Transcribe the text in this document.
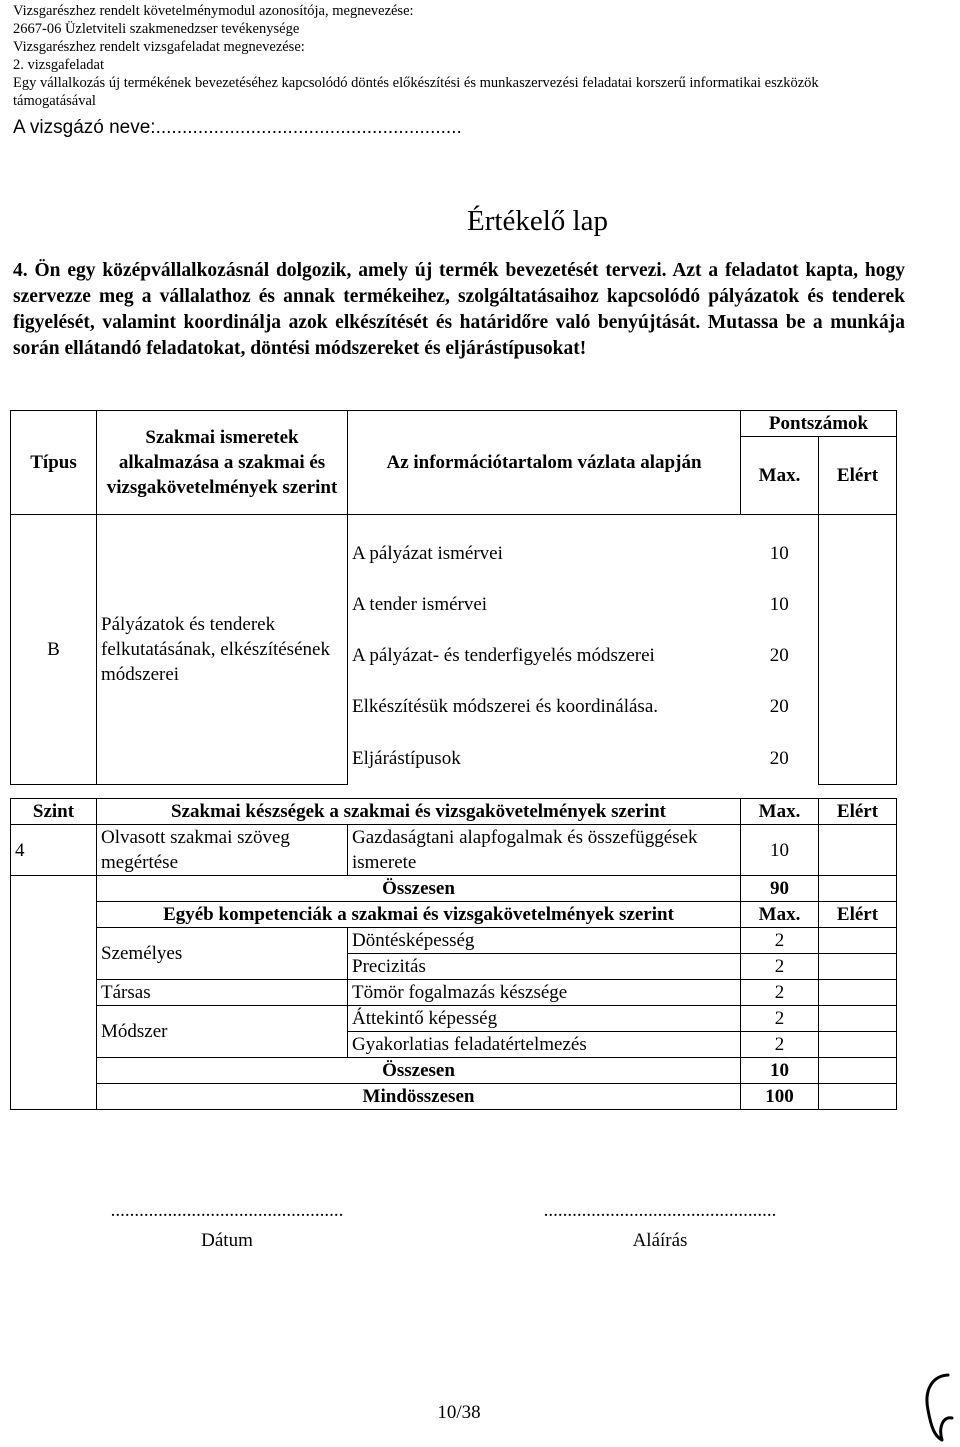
Vizsgarészhez rendelt követelménymodul azonosítója, megnevezése:
2667-06 Üzletviteli szakmenedzser tevékenysége
Vizsgarészhez rendelt vizsgafeladat megnevezése:
2. vizsgafeladat
Egy vállalkozás új termékének bevezetéséhez kapcsolódó döntés előkészítési és munkaszervezési feladatai korszerű informatikai eszközök
támogatásával
A vizsgázó neve:..........................................................
Értékelő lap
4. Ön egy középvállalkozásnál dolgozik, amely új termék bevezetését tervezi. Azt a feladatot kapta, hogy szervezze meg a vállalathoz és annak termékeihez, szolgáltatásaihoz kapcsolódó pályázatok és tenderek figyelését, valamint koordinálja azok elkészítését és határidőre való benyújtását. Mutassa be a munkája során ellátandó feladatokat, döntési módszereket és eljárástípusokat!
Típus	Szakmai ismeretek alkalmazása a szakmai és vizsgakövetelmények szerint	Az információtartalom vázlata alapján	Pontszámok	
			Max.	Elért
B	Pályázatok és tenderek felkutatásának, elkészítésének módszerei			
		A pályázat ismérvei	10	
		A tender ismérvei	10	
		A pályázat- és tenderfigyelés módszerei	20	
		Elkészítésük módszerei és koordinálása.	20	
		Eljárástípusok	20	
Szint	Szakmai készségek a szakmai és vizsgakövetelmények szerint		Max.	Elért
4	Olvasott szakmai szöveg megértése	Gazdaságtani alapfogalmak és összefüggések ismerete	10	
	Összesen		90	
	Egyéb kompetenciák a szakmai és vizsgakövetelmények szerint		Max.	Elért
	Személyes	Döntésképesség	2	
		Precizitás	2	
	Társas	Tömör fogalmazás készsége	2	
	Módszer	Áttekintő képesség	2	
		Gyakorlatias feladatértelmezés	2	
	Összesen		10	
	Mindösszesen		100	
.................................................
Dátum
.................................................
Aláírás
10/38
